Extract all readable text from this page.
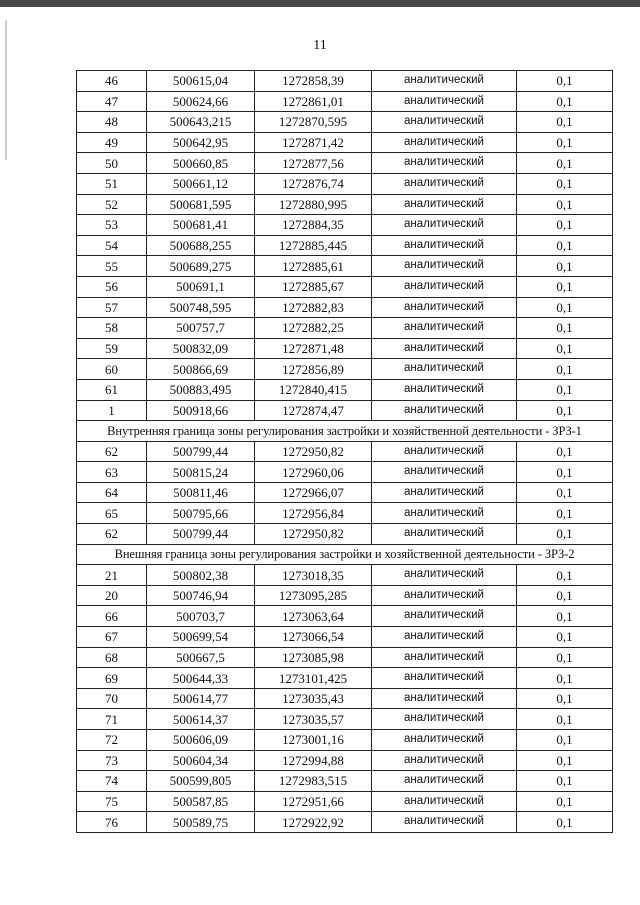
11
46	500615,04	1272858,39	аналитический	0,1
47	500624,66	1272861,01	аналитический	0,1
48	500643,215	1272870,595	аналитический	0,1
49	500642,95	1272871,42	аналитический	0,1
50	500660,85	1272877,56	аналитический	0,1
51	500661,12	1272876,74	аналитический	0,1
52	500681,595	1272880,995	аналитический	0,1
53	500681,41	1272884,35	аналитический	0,1
54	500688,255	1272885,445	аналитический	0,1
55	500689,275	1272885,61	аналитический	0,1
56	500691,1	1272885,67	аналитический	0,1
57	500748,595	1272882,83	аналитический	0,1
58	500757,7	1272882,25	аналитический	0,1
59	500832,09	1272871,48	аналитический	0,1
60	500866,69	1272856,89	аналитический	0,1
61	500883,495	1272840,415	аналитический	0,1
1	500918,66	1272874,47	аналитический	0,1
Внутренняя граница зоны регулирования застройки и хозяйственной деятельности - ЗРЗ-1				
62	500799,44	1272950,82	аналитический	0,1
63	500815,24	1272960,06	аналитический	0,1
64	500811,46	1272966,07	аналитический	0,1
65	500795,66	1272956,84	аналитический	0,1
62	500799,44	1272950,82	аналитический	0,1
Внешняя граница зоны регулирования застройки и хозяйственной деятельности - ЗРЗ-2				
21	500802,38	1273018,35	аналитический	0,1
20	500746,94	1273095,285	аналитический	0,1
66	500703,7	1273063,64	аналитический	0,1
67	500699,54	1273066,54	аналитический	0,1
68	500667,5	1273085,98	аналитический	0,1
69	500644,33	1273101,425	аналитический	0,1
70	500614,77	1273035,43	аналитический	0,1
71	500614,37	1273035,57	аналитический	0,1
72	500606,09	1273001,16	аналитический	0,1
73	500604,34	1272994,88	аналитический	0,1
74	500599,805	1272983,515	аналитический	0,1
75	500587,85	1272951,66	аналитический	0,1
76	500589,75	1272922,92	аналитический	0,1
